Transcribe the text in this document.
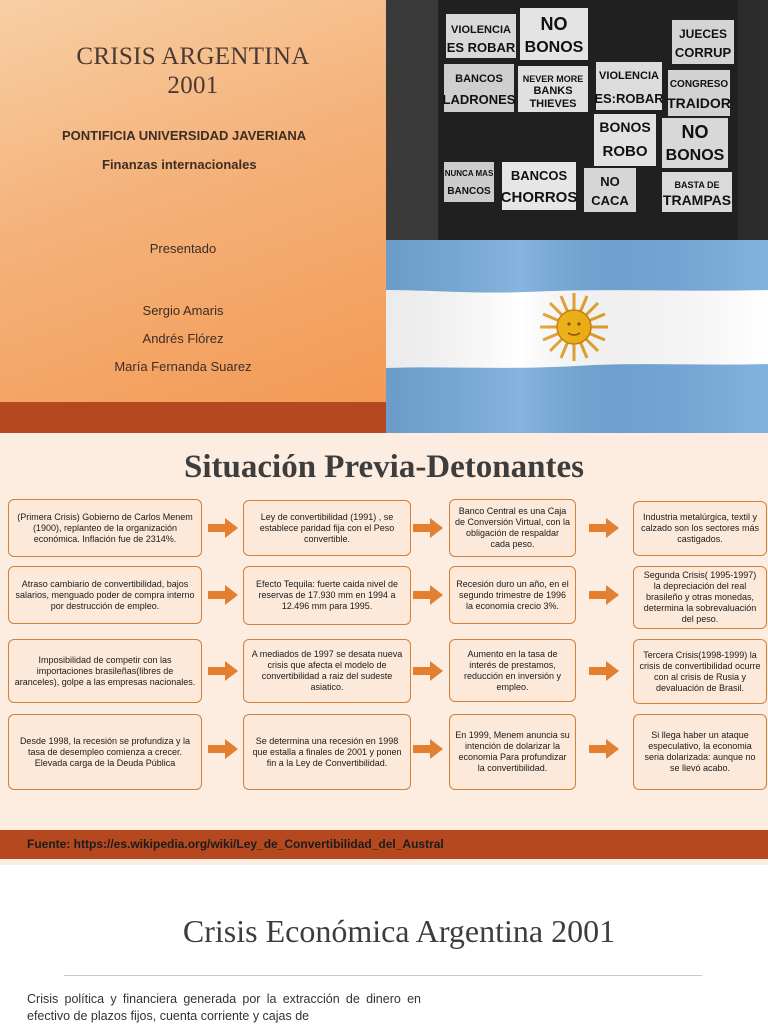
CRISIS ARGENTINA
2001
PONTIFICIA UNIVERSIDAD JAVERIANA
Finanzas internacionales
Presentado
Sergio Amaris
Andrés Flórez
María Fernanda Suarez
VIOLENCIA
ES ROBAR
NO
BONOS
JUECES
CORRUP
BANCOS
LADRONES
NEVER MORE
BANKS
THIEVES
VIOLENCIA
ES:ROBAR
CONGRESO
TRAIDOR
BONOS
ROBO
NO
BONOS
NUNCA MAS
BANCOS
BANCOS
CHORROS
NO
CACA
BASTA DE
TRAMPAS
Situación Previa-Detonantes
(Primera Crisis) Gobierno de Carlos Menem (1900), replanteo de la organización económica. Inflación fue de 2314%.
Ley de convertibilidad (1991) , se establece paridad fija con el Peso convertible.
Banco Central es una Caja de Conversión Virtual, con la obligación de respaldar cada peso.
Industria metalúrgica, textil y calzado son los sectores más castigados.
Atraso cambiario de convertibilidad, bajos salarios, menguado poder de compra interno por destrucción de empleo.
Efecto Tequila: fuerte caida nivel de reservas de 17.930 mm en 1994 a 12.496 mm para 1995.
Recesión duro un año, en el segundo trimestre de 1996 la economia crecio 3%.
Segunda Crisis( 1995-1997) la depreciación del real brasileño y otras monedas, determina la sobrevaluación del peso.
Imposibilidad de competir con las importaciones brasileñas(libres de aranceles), golpe a las empresas nacionales.
A mediados de 1997 se desata nueva crisis que afecta el modelo de convertibilidad a raiz del sudeste asiatico.
Aumento en la tasa de interés de prestamos, reducción en inversión y empleo.
Tercera Crisis(1998-1999) la crisis de convertibilidad ocurre con al crisis de Rusia y devaluación de Brasil.
Desde 1998, la recesión se profundiza y la tasa de desempleo comienza a crecer. Elevada carga de la Deuda Pública
Se determina una recesión en 1998 que estalla a finales de 2001 y ponen fin a la Ley de Convertibilidad.
En 1999, Menem anuncia su intención de dolarizar la economia Para profundizar la convertibilidad.
Si llega haber un ataque especulativo, la economia seria dolarizada: aunque no se llevó acabo.
Fuente: https://es.wikipedia.org/wiki/Ley_de_Convertibilidad_del_Austral
Crisis Económica Argentina 2001
Crisis política y financiera generada por la extracción de dinero en efectivo de plazos fijos, cuenta corriente y cajas de
